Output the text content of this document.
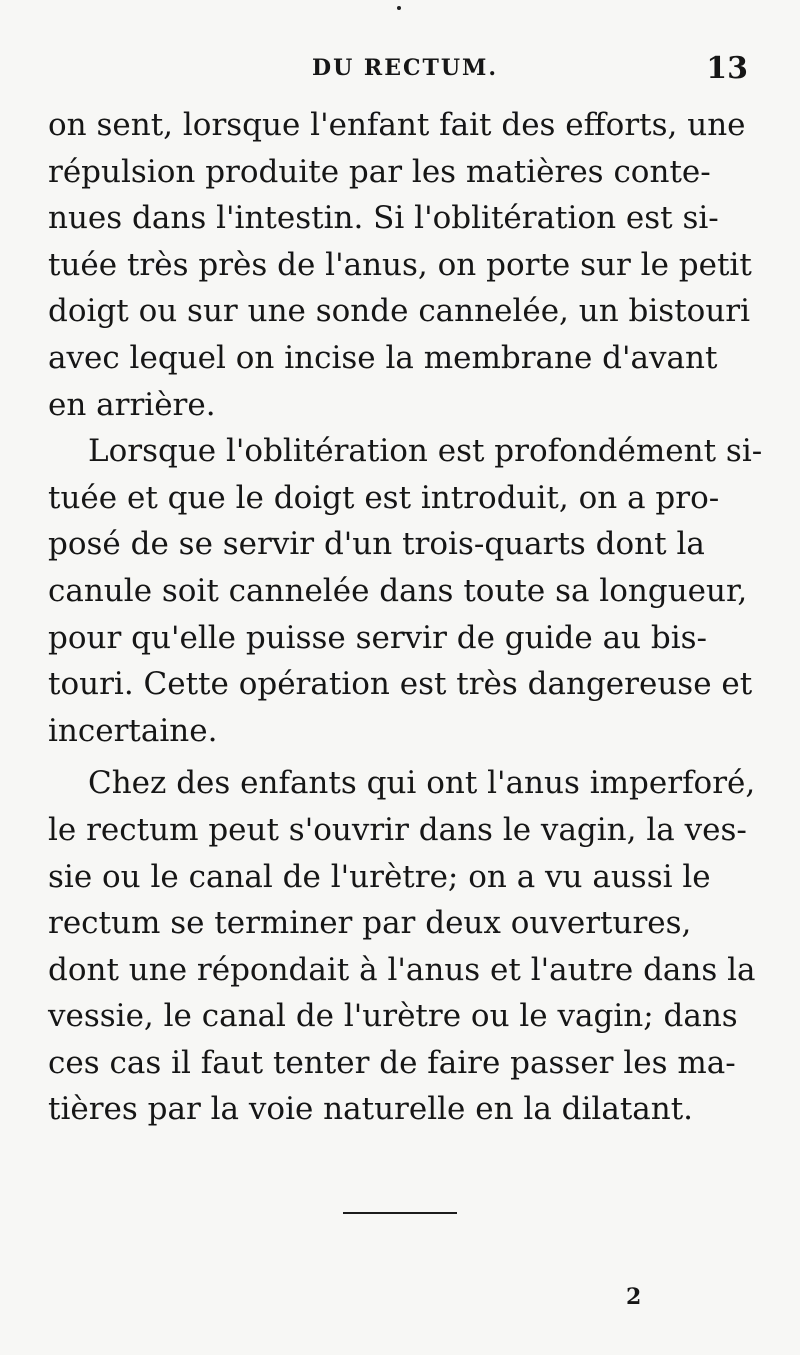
DU RECTUM.	13
on sent, lorsque l'enfant fait des efforts, une
répulsion produite par les matières conte-
nues dans l'intestin. Si l'oblitération est si-
tuée très près de l'anus, on porte sur le petit
doigt ou sur une sonde cannelée, un bistouri
avec lequel on incise la membrane d'avant
en arrière.
Lorsque l'oblitération est profondément si-
tuée et que le doigt est introduit, on a pro-
posé de se servir d'un trois-quarts dont la
canule soit cannelée dans toute sa longueur,
pour qu'elle puisse servir de guide au bis-
touri. Cette opération est très dangereuse et
incertaine.
Chez des enfants qui ont l'anus imperforé,
le rectum peut s'ouvrir dans le vagin, la ves-
sie ou le canal de l'urètre; on a vu aussi le
rectum se terminer par deux ouvertures,
dont une répondait à l'anus et l'autre dans la
vessie, le canal de l'urètre ou le vagin; dans
ces cas il faut tenter de faire passer les ma-
tières par la voie naturelle en la dilatant.
2
